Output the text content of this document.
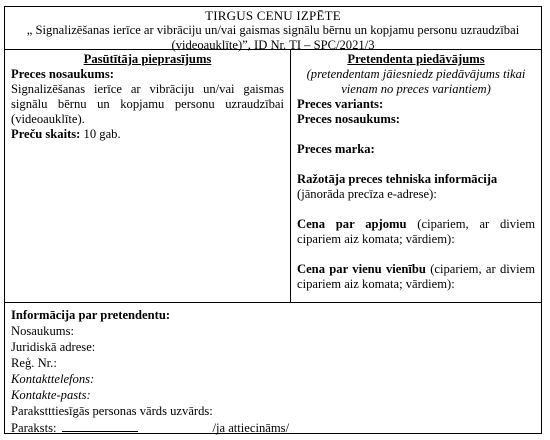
TIRGUS CENU IZPĒTE
„ Signalizēšanas ierīce ar vibrāciju un/vai gaismas signālu bērnu un kopjamu personu uzraudzībai (videoauklīte)”, ID Nr. TI – SPC/2021/3
Pasūtītāja pieprasījums
Preces nosaukums:
Signalizēšanas ierīce ar vibrāciju un/vai gaismas signālu bērnu un kopjamu personu uzraudzībai (videoauklīte).
Preču skaits: 10 gab.
Pretendenta piedāvājums
(pretendentam jāiesniedz piedāvājums tikai vienam no preces variantiem)
Preces variants:
Preces nosaukums:
Preces marka:
Ražotāja preces tehniska informācija
(jānorāda precīza e-adrese):
Cena par apjomu (cipariem, ar diviem cipariem aiz komata; vārdiem):
Cena par vienu vienību (cipariem, ar diviem cipariem aiz komata; vārdiem):
Informācija par pretendentu:
Nosaukums:
Juridiskā adrese:
Reģ. Nr.:
Kontakttelefons:
Kontakte-pasts:
Parakstttiesīgās personas vārds uzvārds:
Paraksts:	/ja attiecināms/
